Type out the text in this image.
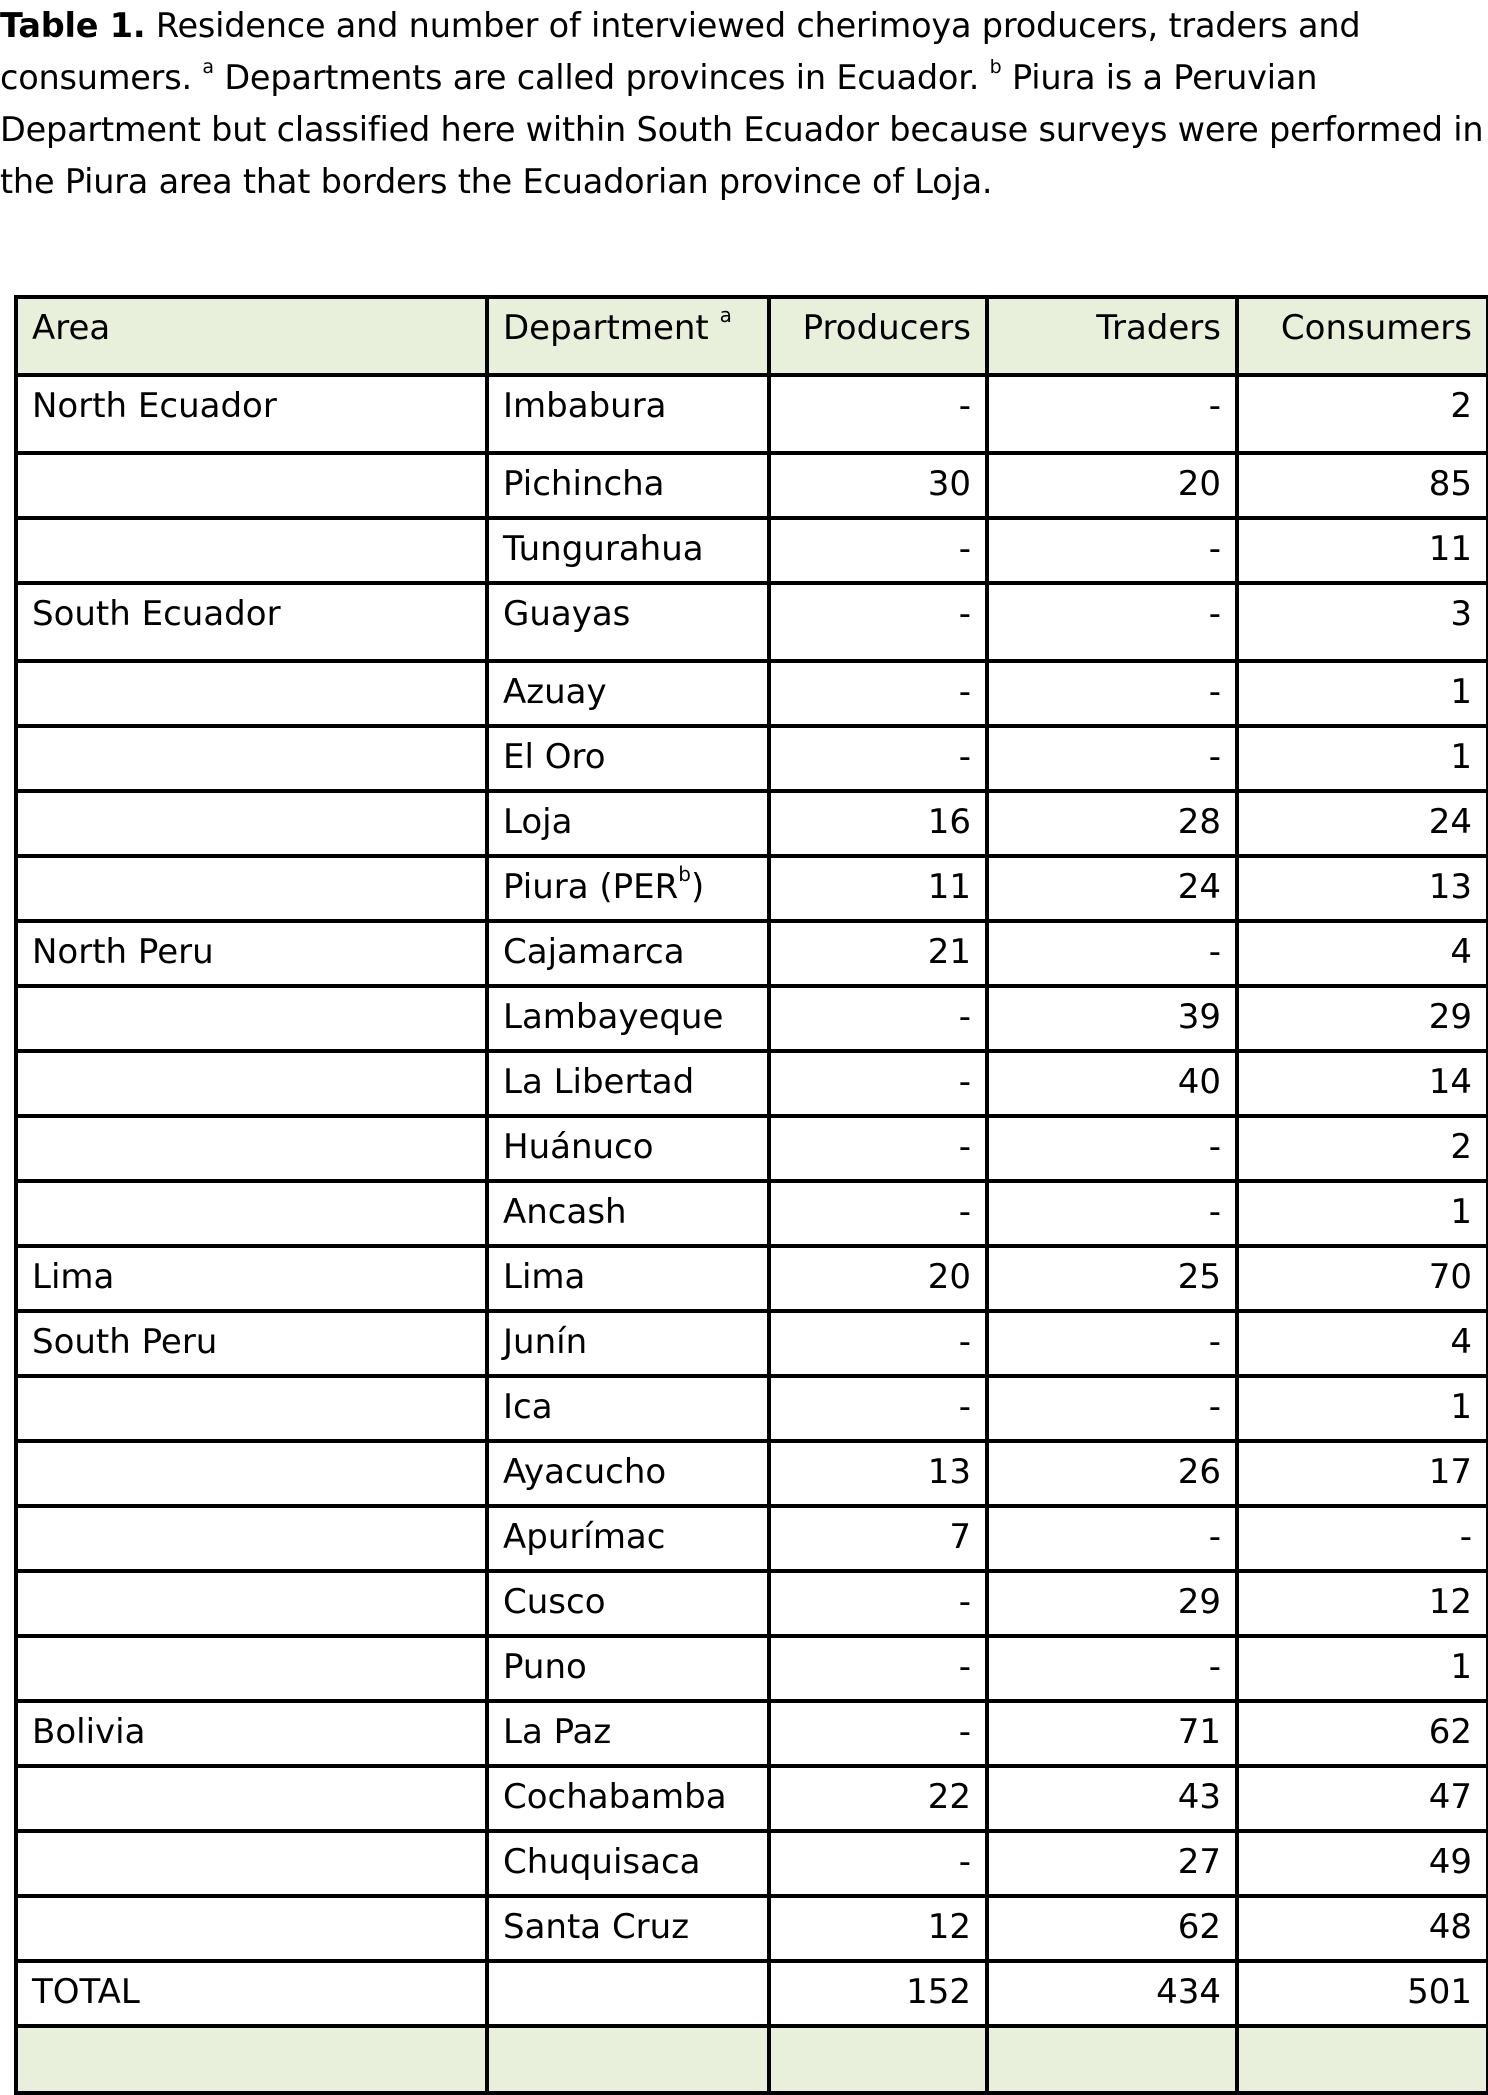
Table 1. Residence and number of interviewed cherimoya producers, traders and consumers. $^a$ Departments are called provinces in Ecuador. $^b$ Piura is a Peruvian Department but classified here within South Ecuador because surveys were performed in the Piura area that borders the Ecuadorian province of Loja.
Area	Department $^a$	Producers	Traders	Consumers
North Ecuador	Imbabura	-	-	2
	Pichincha	30	20	85
	Tungurahua	-	-	11
South Ecuador	Guayas	-	-	3
	Azuay	-	-	1
	El Oro	-	-	1
	Loja	16	28	24
	Piura (PER$^b$)	11	24	13
North Peru	Cajamarca	21	-	4
	Lambayeque	-	39	29
	La Libertad	-	40	14
	Huánuco	-	-	2
	Ancash	-	-	1
Lima	Lima	20	25	70
South Peru	Junín	-	-	4
	Ica	-	-	1
	Ayacucho	13	26	17
	Apurímac	7	-	-
	Cusco	-	29	12
	Puno	-	-	1
Bolivia	La Paz	-	71	62
	Cochabamba	22	43	47
	Chuquisaca	-	27	49
	Santa Cruz	12	62	48
TOTAL		152	434	501
